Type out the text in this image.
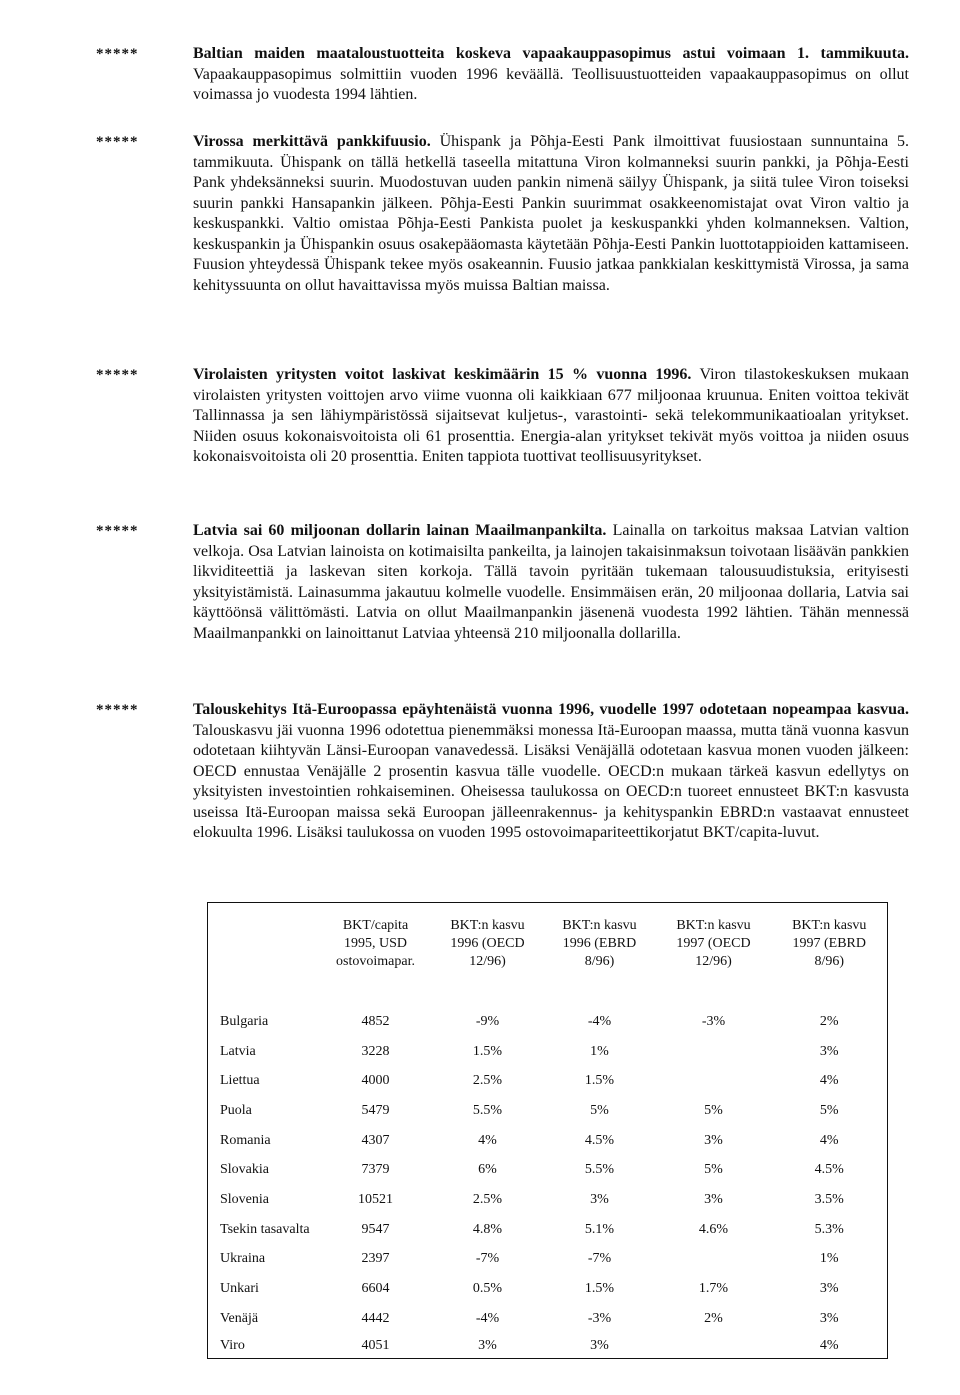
*****	Baltian maiden maataloustuotteita koskeva vapaakauppasopimus astui voimaan 1. tammikuuta. Vapaakauppasopimus solmittiin vuoden 1996 keväällä. Teollisuustuotteiden vapaakauppasopimus on ollut voimassa jo vuodesta 1994 lähtien.
*****	Virossa merkittävä pankkifuusio. Ühispank ja Põhja-Eesti Pank ilmoittivat fuusiostaan sunnuntaina 5. tammikuuta. Ühispank on tällä hetkellä taseella mitattuna Viron kolmanneksi suurin pankki, ja Põhja-Eesti Pank yhdeksänneksi suurin. Muodostuvan uuden pankin nimenä säilyy Ühispank, ja siitä tulee Viron toiseksi suurin pankki Hansapankin jälkeen. Põhja-Eesti Pankin suurimmat osakkeenomistajat ovat Viron valtio ja keskuspankki. Valtio omistaa Põhja-Eesti Pankista puolet ja keskuspankki yhden kolmanneksen. Valtion, keskuspankin ja Ühispankin osuus osakepääomasta käytetään Põhja-Eesti Pankin luottotappioiden kattamiseen. Fuusion yhteydessä Ühispank tekee myös osakeannin. Fuusio jatkaa pankkialan keskittymistä Virossa, ja sama kehityssuunta on ollut havaittavissa myös muissa Baltian maissa.
*****	Virolaisten yritysten voitot laskivat keskimäärin 15 % vuonna 1996. Viron tilastokeskuksen mukaan virolaisten yritysten voittojen arvo viime vuonna oli kaikkiaan 677 miljoonaa kruunua. Eniten voittoa tekivät Tallinnassa ja sen lähiympäristössä sijaitsevat kuljetus-, varastointi- sekä telekommunikaatioalan yritykset. Niiden osuus kokonaisvoitoista oli 61 prosenttia. Energia-alan yritykset tekivät myös voittoa ja niiden osuus kokonaisvoitoista oli 20 prosenttia. Eniten tappiota tuottivat teollisuusyritykset.
*****	Latvia sai 60 miljoonan dollarin lainan Maailmanpankilta. Lainalla on tarkoitus maksaa Latvian valtion velkoja. Osa Latvian lainoista on kotimaisilta pankeilta, ja lainojen takaisinmaksun toivotaan lisäävän pankkien likviditeettiä ja laskevan siten korkoja. Tällä tavoin pyritään tukemaan talousuudistuksia, erityisesti yksityistämistä. Lainasumma jakautuu kolmelle vuodelle. Ensimmäisen erän, 20 miljoonaa dollaria, Latvia sai käyttöönsä välittömästi. Latvia on ollut Maailmanpankin jäsenenä vuodesta 1992 lähtien. Tähän mennessä Maailmanpankki on lainoittanut Latviaa yhteensä 210 miljoonalla dollarilla.
*****	Talouskehitys Itä-Euroopassa epäyhtenäistä vuonna 1996, vuodelle 1997 odotetaan nopeampaa kasvua. Talouskasvu jäi vuonna 1996 odotettua pienemmäksi monessa Itä-Euroopan maassa, mutta tänä vuonna kasvun odotetaan kiihtyvän Länsi-Euroopan vanavedessä. Lisäksi Venäjällä odotetaan kasvua monen vuoden jälkeen: OECD ennustaa Venäjälle 2 prosentin kasvua tälle vuodelle. OECD:n mukaan tärkeä kasvun edellytys on yksityisten investointien rohkaiseminen. Oheisessa taulukossa on OECD:n tuoreet ennusteet BKT:n kasvusta useissa Itä-Euroopan maissa sekä Euroopan jälleenrakennus- ja kehityspankin EBRD:n vastaavat ennusteet elokuulta 1996. Lisäksi taulukossa on vuoden 1995 ostovoimapariteettikorjatut BKT/capita-luvut.

	BKT/capita
1995, USD
ostovoimapar.	BKT:n kasvu
1996 (OECD
12/96)	BKT:n kasvu
1996 (EBRD
8/96)	BKT:n kasvu
1997 (OECD
12/96)	BKT:n kasvu
1997 (EBRD
8/96)

Bulgaria	4852	-9%	-4%	-3%	2%
Latvia	3228	1.5%	1%		3%
Liettua	4000	2.5%	1.5%		4%
Puola	5479	5.5%	5%	5%	5%
Romania	4307	4%	4.5%	3%	4%
Slovakia	7379	6%	5.5%	5%	4.5%
Slovenia	10521	2.5%	3%	3%	3.5%
Tsekin tasavalta	9547	4.8%	5.1%	4.6%	5.3%
Ukraina	2397	-7%	-7%		1%
Unkari	6604	0.5%	1.5%	1.7%	3%
Venäjä	4442	-4%	-3%	2%	3%
Viro	4051	3%	3%		4%
